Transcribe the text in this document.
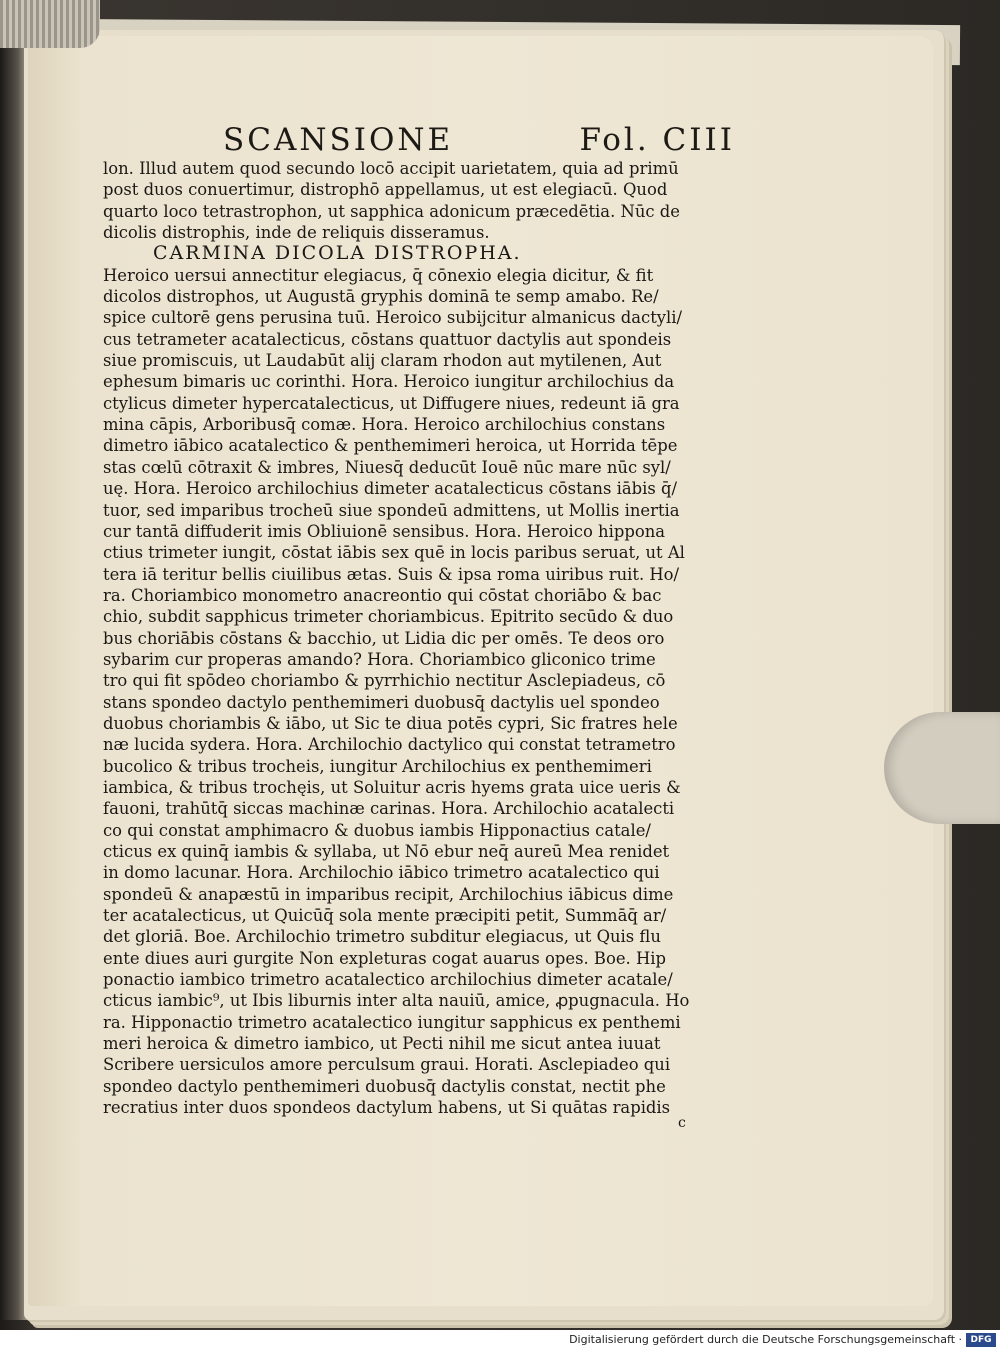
SCANSIONE	Fol. CIII
lon. Illud autem quod secundo locō accipit uarietatem, quia ad primū
post duos conuertimur, distrophō appellamus, ut est elegiacū. Quod
quarto loco tetrastrophon, ut sapphica adonicum præcedētia. Nūc de
dicolis distrophis, inde de reliquis disseramus.
CARMINA DICOLA DISTROPHA.
Heroico uersui annectitur elegiacus, q̄ cōnexio elegia dicitur, & fit
dicolos distrophos, ut Augustā gryphis dominā te semp amabo. Re/
spice cultorē gens perusina tuū. Heroico subijcitur almanicus dactyli/
cus tetrameter acatalecticus, cōstans quattuor dactylis aut spondeis
siue promiscuis, ut Laudabūt alij claram rhodon aut mytilenen, Aut
ephesum bimaris uc corinthi. Hora. Heroico iungitur archilochius da
ctylicus dimeter hypercatalecticus, ut Diffugere niues, redeunt iā gra
mina cāpis, Arboribusq̄ comæ. Hora. Heroico archilochius constans
dimetro iābico acatalectico & penthemimeri heroica, ut Horrida tēpe
stas cœlū cōtraxit & imbres, Niuesq̄ deducūt Iouē nūc mare nūc syl/
uę. Hora. Heroico archilochius dimeter acatalecticus cōstans iābis q̄/
tuor, sed imparibus trocheū siue spondeū admittens, ut Mollis inertia
cur tantā diffuderit imis Obliuionē sensibus. Hora. Heroico hippona
ctius trimeter iungit, cōstat iābis sex quē in locis paribus seruat, ut Al
tera iā teritur bellis ciuilibus ætas. Suis & ipsa roma uiribus ruit. Ho/
ra. Choriambico monometro anacreontio qui cōstat choriābo & bac
chio, subdit sapphicus trimeter choriambicus. Epitrito secūdo & duo
bus choriābis cōstans & bacchio, ut Lidia dic per omēs. Te deos oro
sybarim cur properas amando? Hora. Choriambico gliconico trime
tro qui fit spōdeo choriambo & pyrrhichio nectitur Asclepiadeus, cō
stans spondeo dactylo penthemimeri duobusq̄ dactylis uel spondeo
duobus choriambis & iābo, ut Sic te diua potēs cypri, Sic fratres hele
næ lucida sydera. Hora. Archilochio dactylico qui constat tetrametro
bucolico & tribus trocheis, iungitur Archilochius ex penthemimeri
iambica, & tribus trochęis, ut Soluitur acris hyems grata uice ueris &
fauoni, trahūtq̄ siccas machinæ carinas. Hora. Archilochio acatalecti
co qui constat amphimacro & duobus iambis Hipponactius catale/
cticus ex quinq̄ iambis & syllaba, ut Nō ebur neq̄ aureū Mea renidet
in domo lacunar. Hora. Archilochio iābico trimetro acatalectico qui
spondeū & anapæstū in imparibus recipit, Archilochius iābicus dime
ter acatalecticus, ut Quicūq̄ sola mente præcipiti petit, Summāq̄ ar/
det gloriā. Boe. Archilochio trimetro subditur elegiacus, ut Quis flu
ente diues auri gurgite Non expleturas cogat auarus opes. Boe. Hip
ponactio iambico trimetro acatalectico archilochius dimeter acatale/
cticus iambic⁹, ut Ibis liburnis inter alta nauiū, amice, ꝓpugnacula. Ho
ra. Hipponactio trimetro acatalectico iungitur sapphicus ex penthemi
meri heroica & dimetro iambico, ut Pecti nihil me sicut antea iuuat
Scribere uersiculos amore perculsum graui. Horati. Asclepiadeo qui
spondeo dactylo penthemimeri duobusq̄ dactylis constat, nectit phe
recratius inter duos spondeos dactylum habens, ut Si quātas rapidis
c
Digitalisierung gefördert durch die Deutsche Forschungsgemeinschaft · DFG
